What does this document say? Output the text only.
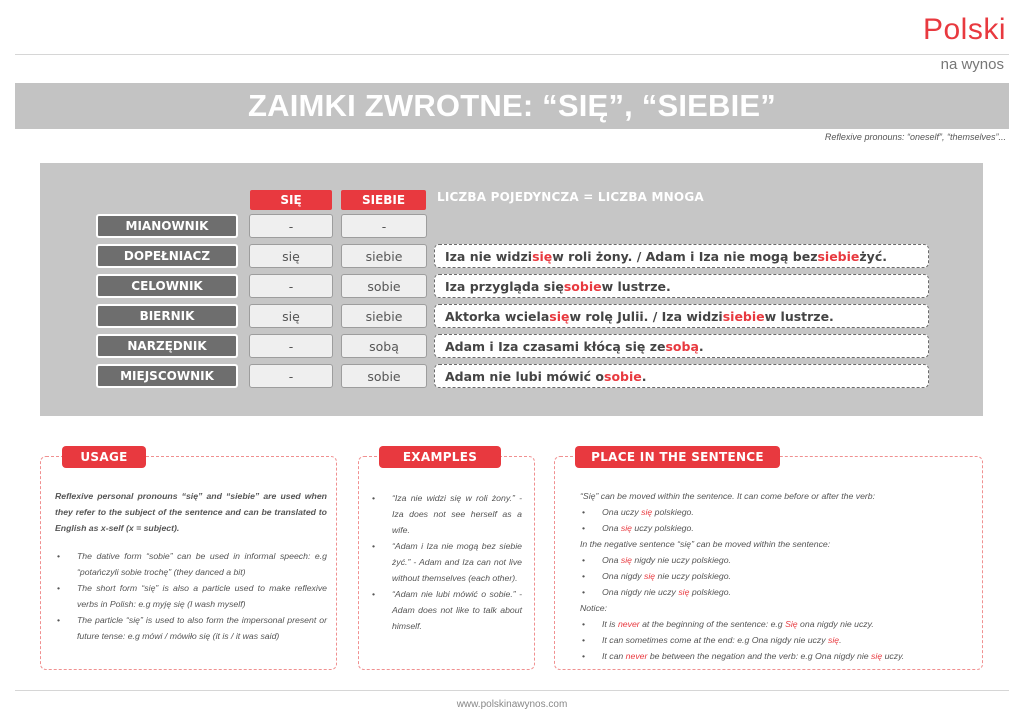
Polski
na wynos
ZAIMKI ZWROTNE: “SIĘ”, “SIEBIE”
Reflexive pronouns: “oneself”, “themselves”...
SIĘ	SIEBIE	LICZBA POJEDYNCZA = LICZBA MNOGA
MIANOWNIK	-	-
DOPEŁNIACZ	się	siebie	Iza nie widzi się w roli żony. / Adam i Iza nie mogą bez siebie żyć.
CELOWNIK	-	sobie	Iza przygląda się sobie w lustrze.
BIERNIK	się	siebie	Aktorka wciela się w rolę Julii. / Iza widzi siebie w lustrze.
NARZĘDNIK	-	sobą	Adam i Iza czasami kłócą się ze sobą .
MIEJSCOWNIK	-	sobie	Adam nie lubi mówić o sobie .
USAGE
Reflexive personal pronouns “się” and “siebie” are used when they refer to the subject of the sentence and can be translated to English as x-self (x = subject).
• The dative form “sobie” can be used in informal speech: e.g “potańczyli sobie trochę” (they danced a bit)
• The short form “się” is also a particle used to make reflexive verbs in Polish: e.g myję się (I wash myself)
• The particle “się” is used to also form the impersonal present or future tense: e.g mówi / mówiło się (it is / it was said)
EXAMPLES
• “Iza nie widzi się w roli żony.” - Iza does not see herself as a wife.
• “Adam i Iza nie mogą bez siebie żyć.” - Adam and Iza can not live without themselves (each other).
• “Adam nie lubi mówić o sobie.” - Adam does not like to talk about himself.
PLACE IN THE SENTENCE
“Się” can be moved within the sentence. It can come before or after the verb:
• Ona uczy się polskiego.
• Ona się uczy polskiego.
In the negative sentence “się” can be moved within the sentence:
• Ona się nigdy nie uczy polskiego.
• Ona nigdy się nie uczy polskiego.
• Ona nigdy nie uczy się polskiego.
Notice:
• It is never at the beginning of the sentence: e.g Się ona nigdy nie uczy.
• It can sometimes come at the end: e.g Ona nigdy nie uczy się.
• It can never be between the negation and the verb: e.g Ona nigdy nie się uczy.
www.polskinawynos.com
